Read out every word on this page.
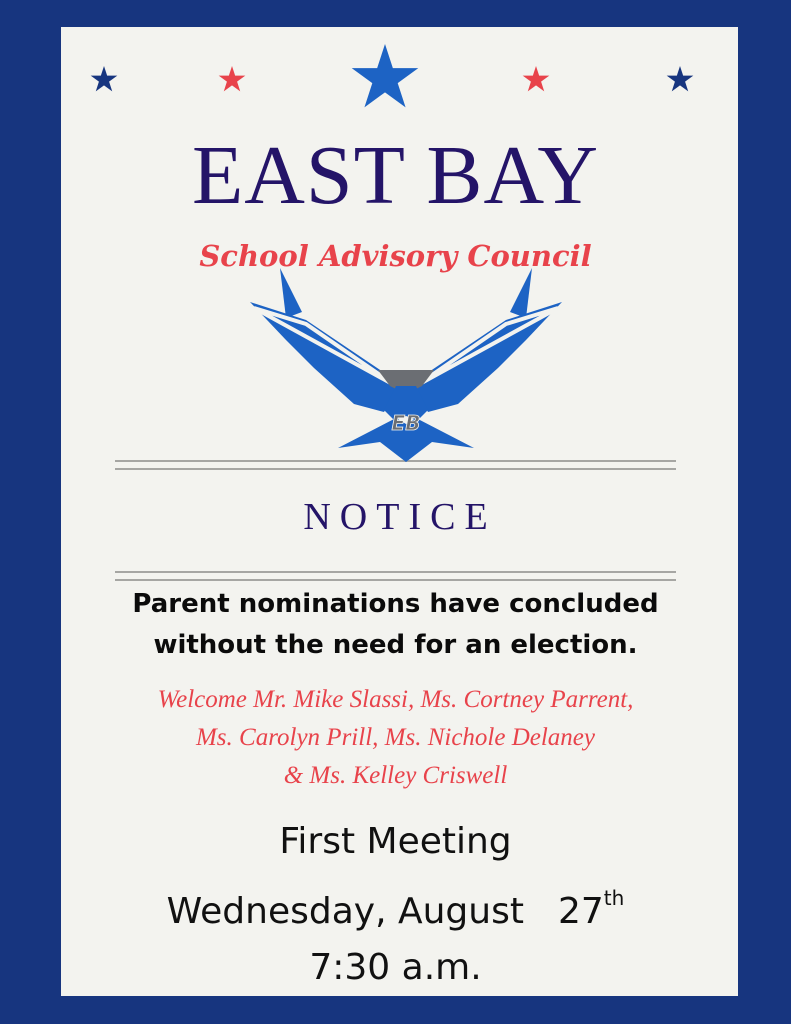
EAST BAY
School Advisory Council
EB
NOTICE
Parent nominations have concluded
without the need for an election.
Welcome Mr. Mike Slassi, Ms. Cortney Parrent,
Ms. Carolyn Prill, Ms. Nichole Delaney
& Ms. Kelley Criswell
First Meeting
Wednesday, August 27th
7:30 a.m.
